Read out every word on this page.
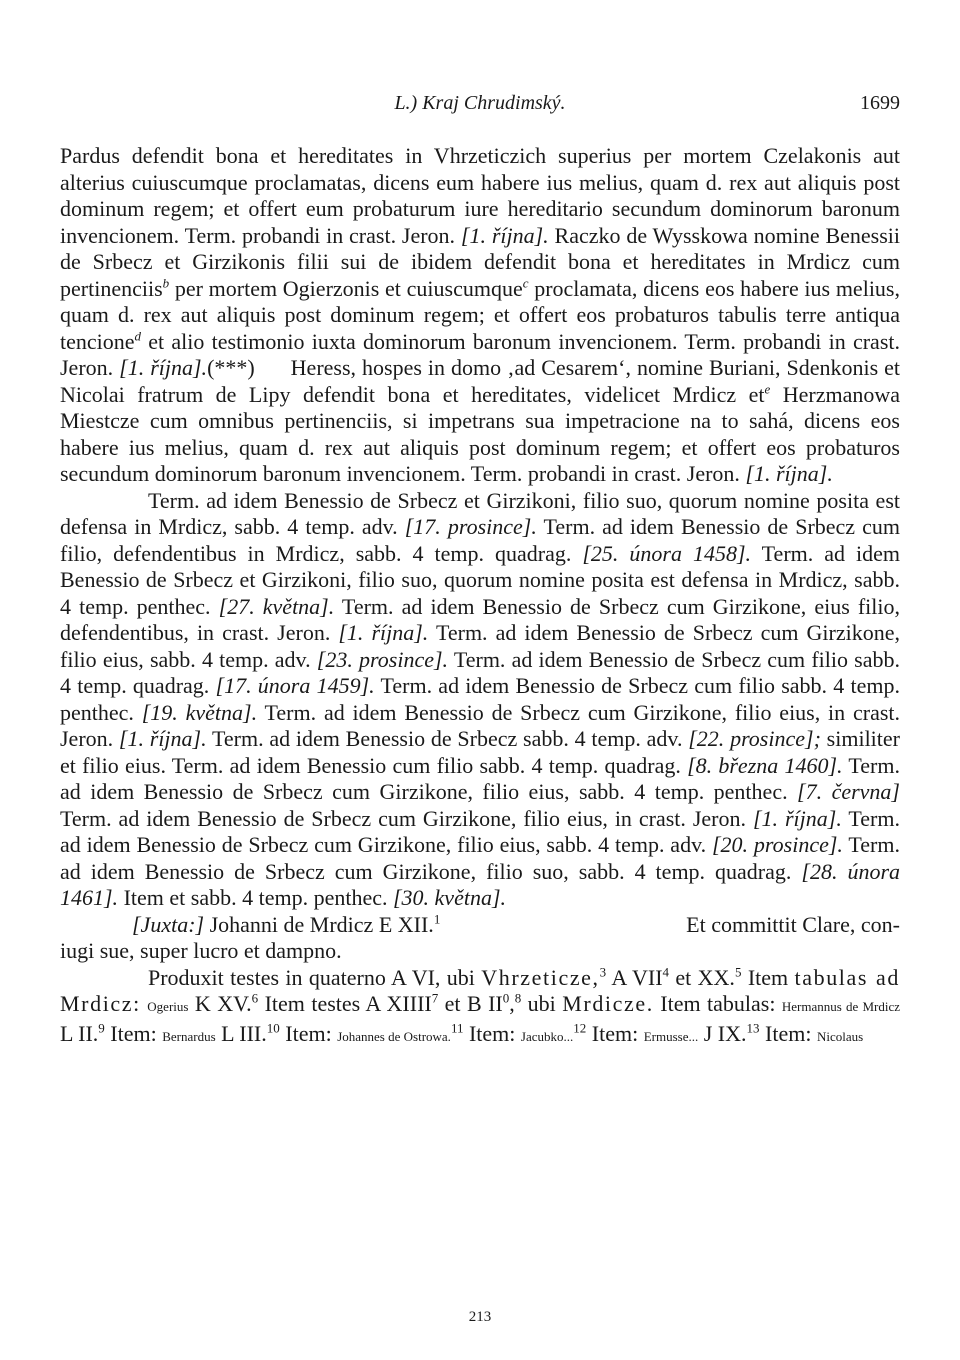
L.) Kraj Chrudimský.	1699

Pardus defendit bona et hereditates in Vhrzeticzich superius per mortem Czelakonis aut alterius cuiuscumque proclamatas, dicens eum habere ius melius, quam d. rex aut aliquis post dominum regem; et offert eum probaturum iure hereditario secundum dominorum baronum invencionem. Term. probandi in crast. Jeron. [1. října]. Raczko de Wysskowa nomine Benessii de Srbecz et Girzikonis filii sui de ibidem defendit bona et hereditates in Mrdicz cum pertinenciis$^b$ per mortem Ogierzonis et cuiuscumque$^c$ proclamata, dicens eos habere ius melius, quam d. rex aut aliquis post dominum regem; et offert eos probaturos tabulis terre antiqua tencione$^d$ et alio testimonio iuxta dominorum baronum invencionem. Term. probandi in crast. Jeron. [1. října].(***)      Heress, hospes in domo ‚ad Cesarem‘, nomine Buriani, Sdenkonis et Nicolai fratrum de Lipy defendit bona et hereditates, videlicet Mrdicz et$^e$ Herzmanowa Miestcze cum omnibus pertinenciis, si impetrans sua impetracione na to sahá, dicens eos habere ius melius, quam d. rex aut aliquis post dominum regem; et offert eos probaturos secundum dominorum baronum invencionem. Term. probandi in crast. Jeron. [1. října].

Term. ad idem Benessio de Srbecz et Girzikoni, filio suo, quorum nomine posita est defensa in Mrdicz, sabb. 4 temp. adv. [17. prosince]. Term. ad idem Benessio de Srbecz cum filio, defendentibus in Mrdicz, sabb. 4 temp. quadrag. [25. února 1458]. Term. ad idem Benessio de Srbecz et Girzikoni, filio suo, quorum nomine posita est defensa in Mrdicz, sabb. 4 temp. penthec. [27. května]. Term. ad idem Benessio de Srbecz cum Girzikone, eius filio, defendentibus, in crast. Jeron. [1. října]. Term. ad idem Benessio de Srbecz cum Girzikone, filio eius, sabb. 4 temp. adv. [23. prosince]. Term. ad idem Benessio de Srbecz cum filio sabb. 4 temp. quadrag. [17. února 1459]. Term. ad idem Benessio de Srbecz cum filio sabb. 4 temp. penthec. [19. května]. Term. ad idem Benessio de Srbecz cum Girzikone, filio eius, in crast. Jeron. [1. října]. Term. ad idem Benessio de Srbecz sabb. 4 temp. adv. [22. prosince]; similiter et filio eius. Term. ad idem Benessio cum filio sabb. 4 temp. quadrag. [8. března 1460]. Term. ad idem Benessio de Srbecz cum Girzikone, filio eius, sabb. 4 temp. penthec. [7. června] Term. ad idem Benessio de Srbecz cum Girzikone, filio eius, in crast. Jeron. [1. října]. Term. ad idem Benessio de Srbecz cum Girzikone, filio eius, sabb. 4 temp. adv. [20. prosince]. Term. ad idem Benessio de Srbecz cum Girzikone, filio suo, sabb. 4 temp. quadrag. [28. února 1461]. Item et sabb. 4 temp. penthec. [30. května].

Et committit Clare, con-
[Juxta:] Johanni de Mrdicz E XII.$^1$
iugi sue, super lucro et dampno.

Produxit testes in quaterno A VI, ubi Vhrzeticze,$^3$ A VII$^4$ et XX.$^5$ Item tabulas ad Mrdicz: Ogerius K XV.$^6$ Item testes A XIIII$^7$ et B $II^0,^8$ ubi Mrdicze. Item tabulas: Hermannus de Mrdicz L II.$^9$ Item: Bernardus L III.$^{10}$ Item: Johannes de Ostrowa.$^{11}$ Item: Jacubko...$^{12}$ Item: Ermusse... J IX.$^{13}$ Item: Nicolaus

213
